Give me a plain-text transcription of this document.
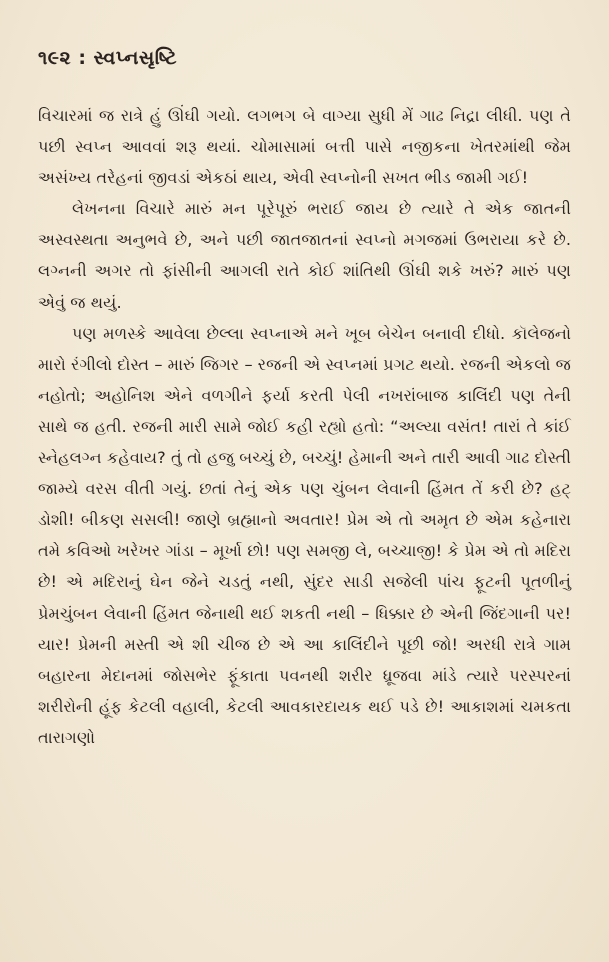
૧૯૨ : સ્વપ્નસૃષ્ટિ

વિચારમાં જ રાત્રે હું ઊંઘી ગયો. લગભગ બે વાગ્યા સુધી મેં ગાઢ નિદ્રા લીધી. પણ તે પછી સ્વપ્ન આવવાં શરૂ થયાં. ચોમાસામાં બત્તી પાસે નજીકના ખેતરમાંથી જેમ અસંખ્ય તરેહનાં જીવડાં એકઠાં થાય, એવી સ્વપ્નોની સખત ભીડ જામી ગઈ!

લેખનના વિચારે મારું મન પૂરેપૂરું ભરાઈ જાય છે ત્યારે તે એક જાતની અસ્વસ્થતા અનુભવે છે, અને પછી જાતજાતનાં સ્વપ્નો મગજમાં ઉભરાયા કરે છે. લગ્નની અગર તો ફાંસીની આગલી રાતે કોઈ શાંતિથી ઊંઘી શકે ખરું? મારું પણ એવું જ થયું.

પણ મળસ્કે આવેલા છેલ્લા સ્વપ્નાએ મને ખૂબ બેચેન બનાવી દીધો. કૉલેજનો મારો રંગીલો દોસ્ત – મારું જિગર – રજની એ સ્વપ્નમાં પ્રગટ થયો. રજની એકલો જ નહોતો; અહોનિશ એને વળગીને ફર્યા કરતી પેલી નખરાંબાજ કાલિંદી પણ તેની સાથે જ હતી. રજની મારી સામે જોઈ કહી રહ્યો હતો: “અલ્યા વસંત! તારાં તે કાંઈ સ્નેહલગ્ન કહેવાય? તું તો હજુ બચ્ચું છે, બચ્ચું! હેમાની અને તારી આવી ગાઢ દોસ્તી જામ્યે વરસ વીતી ગયું. છતાં તેનું એક પણ ચુંબન લેવાની હિંમત તેં કરી છે? હટ્ ડોશી! બીકણ સસલી! જાણે બ્રહ્માનો અવતાર! પ્રેમ એ તો અમૃત છે એમ કહેનારા તમે કવિઓ ખરેખર ગાંડા – મૂર્ખા છો! પણ સમજી લે, બચ્ચાજી! કે પ્રેમ એ તો મદિરા છે! એ મદિરાનું ઘેન જેને ચડતું નથી, સુંદર સાડી સજેલી પાંચ ફૂટની પૂતળીનું પ્રેમચુંબન લેવાની હિંમત જેનાથી થઈ શકતી નથી – ધિક્કાર છે એની જિંદગાની પર! યાર! પ્રેમની મસ્તી એ શી ચીજ છે એ આ કાલિંદીને પૂછી જો! અરધી રાત્રે ગામ બહારના મેદાનમાં જોસભેર ફૂંકાતા પવનથી શરીર ધ્રૂજવા માંડે ત્યારે પરસ્પરનાં શરીરોની હૂંફ કેટલી વહાલી, કેટલી આવકારદાયક થઈ પડે છે! આકાશમાં ચમકતા તારાગણો
